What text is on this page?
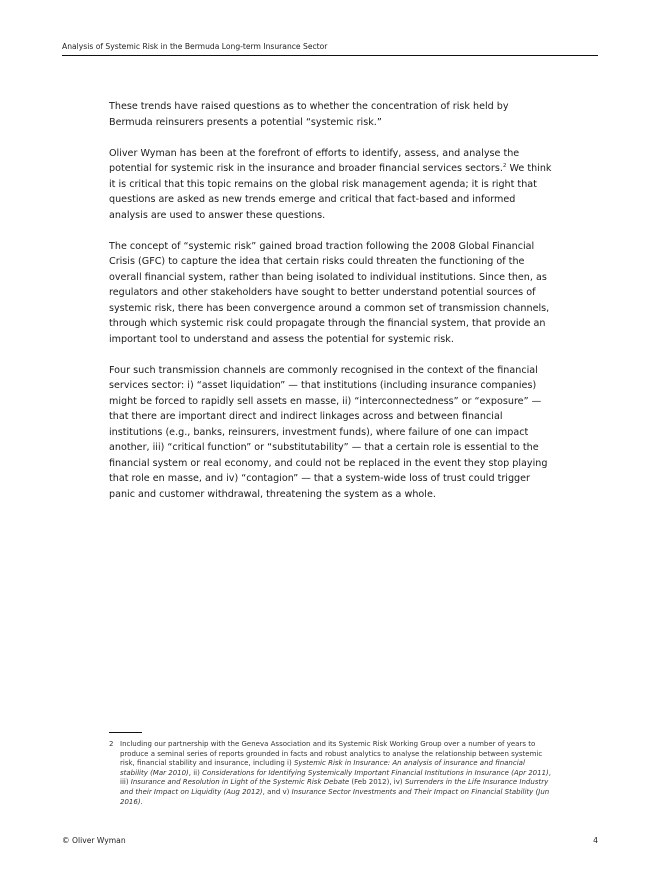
Analysis of Systemic Risk in the Bermuda Long-term Insurance Sector

These trends have raised questions as to whether the concentration of risk held by Bermuda reinsurers presents a potential “systemic risk.”

Oliver Wyman has been at the forefront of efforts to identify, assess, and analyse the potential for systemic risk in the insurance and broader financial services sectors.$^2$ We think it is critical that this topic remains on the global risk management agenda; it is right that questions are asked as new trends emerge and critical that fact-based and informed analysis are used to answer these questions.

The concept of “systemic risk” gained broad traction following the 2008 Global Financial Crisis (GFC) to capture the idea that certain risks could threaten the functioning of the overall financial system, rather than being isolated to individual institutions. Since then, as regulators and other stakeholders have sought to better understand potential sources of systemic risk, there has been convergence around a common set of transmission channels, through which systemic risk could propagate through the financial system, that provide an important tool to understand and assess the potential for systemic risk.

Four such transmission channels are commonly recognised in the context of the financial services sector: i) “asset liquidation” — that institutions (including insurance companies) might be forced to rapidly sell assets en masse, ii) “interconnectedness” or “exposure” — that there are important direct and indirect linkages across and between financial institutions (e.g., banks, reinsurers, investment funds), where failure of one can impact another, iii) “critical function” or “substitutability” — that a certain role is essential to the financial system or real economy, and could not be replaced in the event they stop playing that role en masse, and iv) “contagion” — that a system-wide loss of trust could trigger panic and customer withdrawal, threatening the system as a whole.

2 Including our partnership with the Geneva Association and its Systemic Risk Working Group over a number of years to produce a seminal series of reports grounded in facts and robust analytics to analyse the relationship between systemic risk, financial stability and insurance, including i) Systemic Risk in Insurance: An analysis of insurance and financial stability (Mar 2010), ii) Considerations for Identifying Systemically Important Financial Institutions in Insurance (Apr 2011), iii) Insurance and Resolution in Light of the Systemic Risk Debate (Feb 2012), iv) Surrenders in the Life Insurance Industry and their Impact on Liquidity (Aug 2012), and v) Insurance Sector Investments and Their Impact on Financial Stability (Jun 2016).
© Oliver Wyman	4
